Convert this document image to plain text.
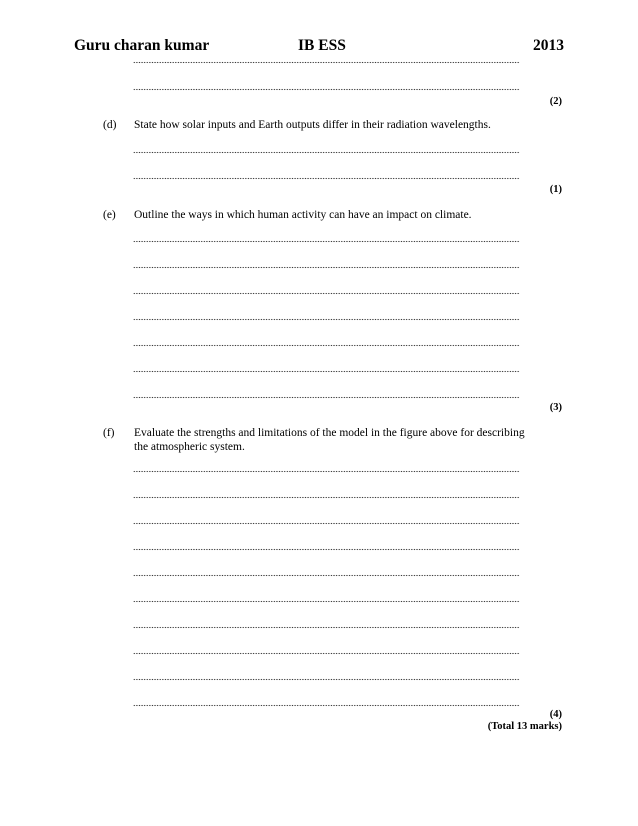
Guru charan kumar	IB ESS	2013
(2)
(d) State how solar inputs and Earth outputs differ in their radiation wavelengths.
(1)
(e) Outline the ways in which human activity can have an impact on climate.
(3)
(f) Evaluate the strengths and limitations of the model in the figure above for describing the atmospheric system.
(4)
(Total 13 marks)
